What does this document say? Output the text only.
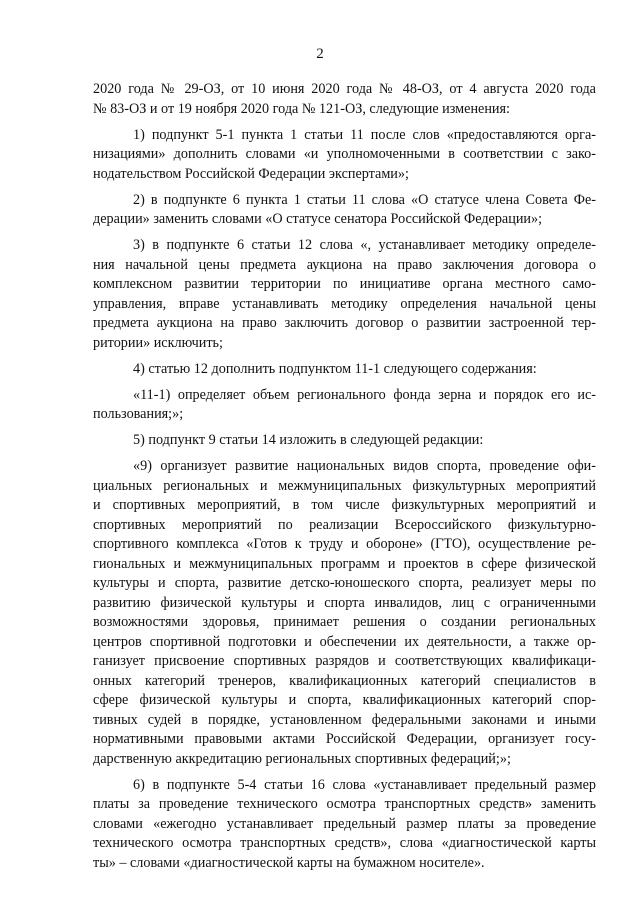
2
2020 года № 29-ОЗ, от 10 июня 2020 года № 48-ОЗ, от 4 августа 2020 года
№ 83-ОЗ и от 19 ноября 2020 года № 121-ОЗ, следующие изменения:
1) подпункт 5-1 пункта 1 статьи 11 после слов «предоставляются орга-
низациями» дополнить словами «и уполномоченными в соответствии с зако-
нодательством Российской Федерации экспертами»;
2) в подпункте 6 пункта 1 статьи 11 слова «О статусе члена Совета Фе-
дерации» заменить словами «О статусе сенатора Российской Федерации»;
3) в подпункте 6 статьи 12 слова «, устанавливает методику определе-
ния начальной цены предмета аукциона на право заключения договора о
комплексном развитии территории по инициативе органа местного само-
управления, вправе устанавливать методику определения начальной цены
предмета аукциона на право заключить договор о развитии застроенной тер-
ритории» исключить;
4) статью 12 дополнить подпунктом 11-1 следующего содержания:
«11-1) определяет объем регионального фонда зерна и порядок его ис-
пользования;»;
5) подпункт 9 статьи 14 изложить в следующей редакции:
«9) организует развитие национальных видов спорта, проведение офи-
циальных региональных и межмуниципальных физкультурных мероприятий
и спортивных мероприятий, в том числе физкультурных мероприятий и
спортивных мероприятий по реализации Всероссийского физкультурно-
спортивного комплекса «Готов к труду и обороне» (ГТО), осуществление ре-
гиональных и межмуниципальных программ и проектов в сфере физической
культуры и спорта, развитие детско-юношеского спорта, реализует меры по
развитию физической культуры и спорта инвалидов, лиц с ограниченными
возможностями здоровья, принимает решения о создании региональных
центров спортивной подготовки и обеспечении их деятельности, а также ор-
ганизует присвоение спортивных разрядов и соответствующих квалификаци-
онных категорий тренеров, квалификационных категорий специалистов в
сфере физической культуры и спорта, квалификационных категорий спор-
тивных судей в порядке, установленном федеральными законами и иными
нормативными правовыми актами Российской Федерации, организует госу-
дарственную аккредитацию региональных спортивных федераций;»;
6) в подпункте 5-4 статьи 16 слова «устанавливает предельный размер
платы за проведение технического осмотра транспортных средств» заменить
словами «ежегодно устанавливает предельный размер платы за проведение
технического осмотра транспортных средств», слова «диагностической карты
ты» – словами «диагностической карты на бумажном носителе».
